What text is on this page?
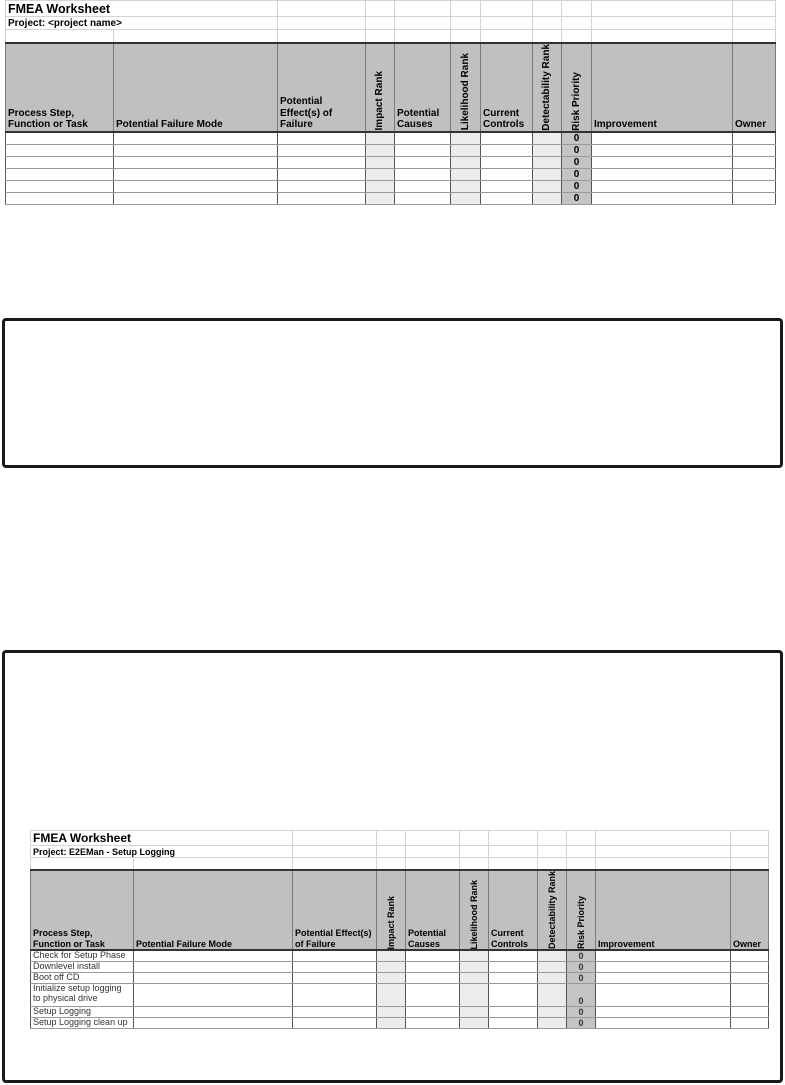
FMEA Worksheet										
Project: <project name>										

Process Step, Function or Task	Potential Failure Mode	Potential Effect(s) of Failure	Impact Rank	Potential Causes	Likelihood Rank	Current Controls	Detectability Rank	Risk Priority	Improvement	Owner
								0		
								0		
								0		
								0		
								0		
								0		
FMEA Worksheet										
Project: E2EMan - Setup Logging										

Process Step, Function or Task	Potential Failure Mode	Potential Effect(s) of Failure	Impact Rank	Potential Causes	Likelihood Rank	Current Controls	Detectability Rank	Risk Priority	Improvement	Owner
Check for Setup Phase								0		
Downlevel install								0		
Boot off CD								0		
Initialize setup logging to physical drive								0		
Setup Logging								0		
Setup Logging clean up								0		
